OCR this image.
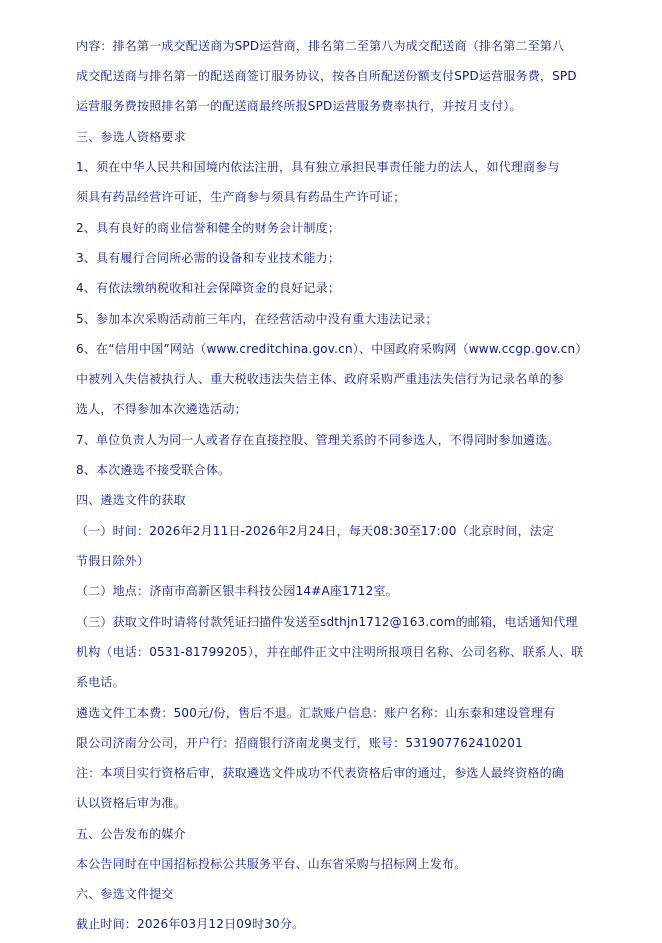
内容：排名第一成交配送商为SPD运营商，排名第二至第八为成交配送商（排名第二至第八
成交配送商与排名第一的配送商签订服务协议，按各自所配送份额支付SPD运营服务费，SPD
运营服务费按照排名第一的配送商最终所报SPD运营服务费率执行，并按月支付）。
三、参选人资格要求
1、须在中华人民共和国境内依法注册，具有独立承担民事责任能力的法人，如代理商参与
须具有药品经营许可证，生产商参与须具有药品生产许可证；
2、具有良好的商业信誉和健全的财务会计制度；
3、具有履行合同所必需的设备和专业技术能力；
4、有依法缴纳税收和社会保障资金的良好记录；
5、参加本次采购活动前三年内，在经营活动中没有重大违法记录；
6、在“信用中国”网站（www.creditchina.gov.cn）、中国政府采购网（www.ccgp.gov.cn）
中被列入失信被执行人、重大税收违法失信主体、政府采购严重违法失信行为记录名单的参
选人，不得参加本次遴选活动；
7、单位负责人为同一人或者存在直接控股、管理关系的不同参选人，不得同时参加遴选。
8、本次遴选不接受联合体。
四、遴选文件的获取
（一）时间：2026年2月11日-2026年2月24日，每天08:30至17:00（北京时间，法定
节假日除外）
（二）地点：济南市高新区银丰科技公园14#A座1712室。
（三）获取文件时请将付款凭证扫描件发送至sdthjn1712@163.com的邮箱，电话通知代理
机构（电话：0531-81799205），并在邮件正文中注明所报项目名称、公司名称、联系人、联
系电话。
遴选文件工本费：500元/份，售后不退。汇款账户信息：账户名称：山东泰和建设管理有
限公司济南分公司，开户行：招商银行济南龙奥支行，账号：531907762410201
注：本项目实行资格后审，获取遴选文件成功不代表资格后审的通过，参选人最终资格的确
认以资格后审为准。
五、公告发布的媒介
本公告同时在中国招标投标公共服务平台、山东省采购与招标网上发布。
六、参选文件提交
截止时间：2026年03月12日09时30分。
